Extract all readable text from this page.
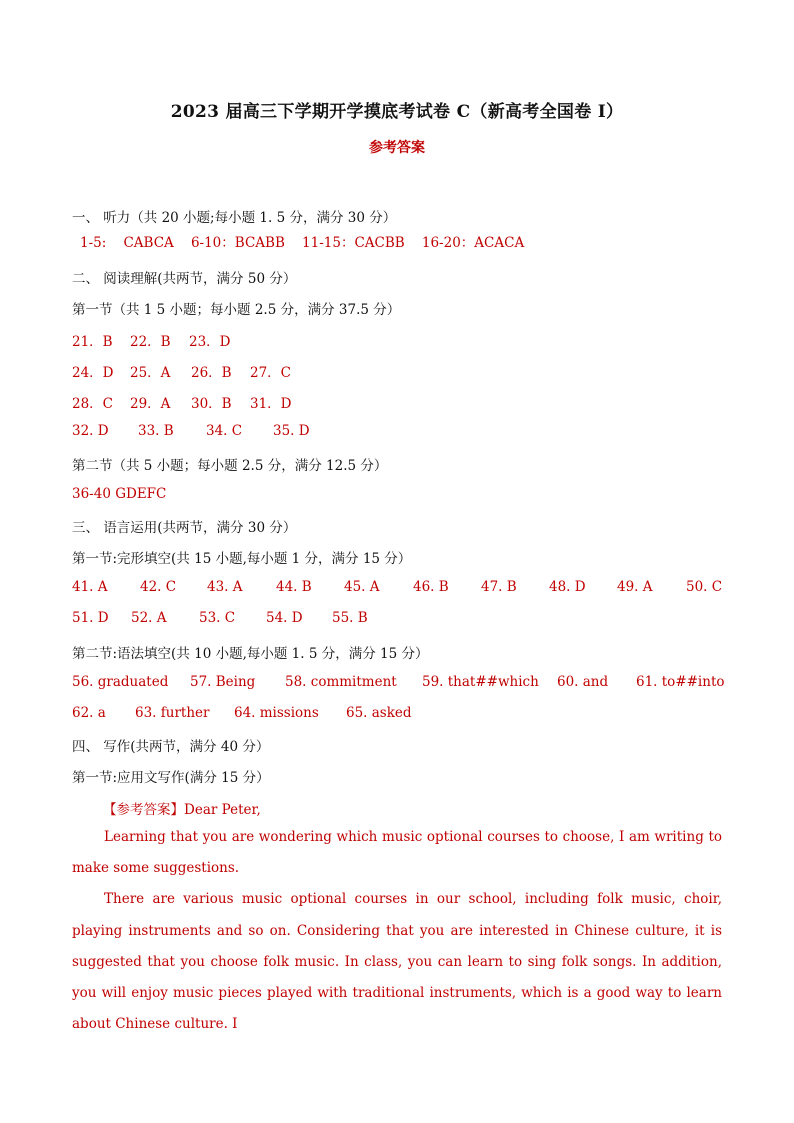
2023 届高三下学期开学摸底考试卷 C（新高考全国卷 I）
参考答案
一、 听力（共 20 小题;每小题 1. 5 分，满分 30 分）
1-5:    CABCA    6-10：BCABB    11-15：CACBB    16-20：ACACA
二、 阅读理解(共两节，满分 50 分）
第一节（共 1 5 小题；每小题 2.5 分，满分 37.5 分）
21．B 22．B 23．D
24．D 25．A 26．B 27．C
28．C 29．A 30．B 31．D
32. D 33. B 34. C 35. D
第二节（共 5 小题；每小题 2.5 分，满分 12.5 分）
36-40 GDEFC
三、 语言运用(共两节，满分 30 分）
第一节:完形填空(共 15 小题,每小题 1 分，满分 15 分）
41. A 42. C 43. A 44. B 45. A 46. B 47. B 48. D 49. A 50. C
51. D 52. A 53. C 54. D 55. B
第二节:语法填空(共 10 小题,每小题 1. 5 分，满分 15 分）
56. graduated 57. Being 58. commitment 59. that##which 60. and 61. to##into
62. a 63. further 64. missions 65. asked
四、 写作(共两节，满分 40 分）
第一节:应用文写作(满分 15 分）
【参考答案】Dear Peter,

Learning that you are wondering which music optional courses to choose, I am writing to make some suggestions.

There are various music optional courses in our school, including folk music, choir, playing instruments and so on. Considering that you are interested in Chinese culture, it is suggested that you choose folk music. In class, you can learn to sing folk songs. In addition, you will enjoy music pieces played with traditional instruments, which is a good way to learn about Chinese culture. I
